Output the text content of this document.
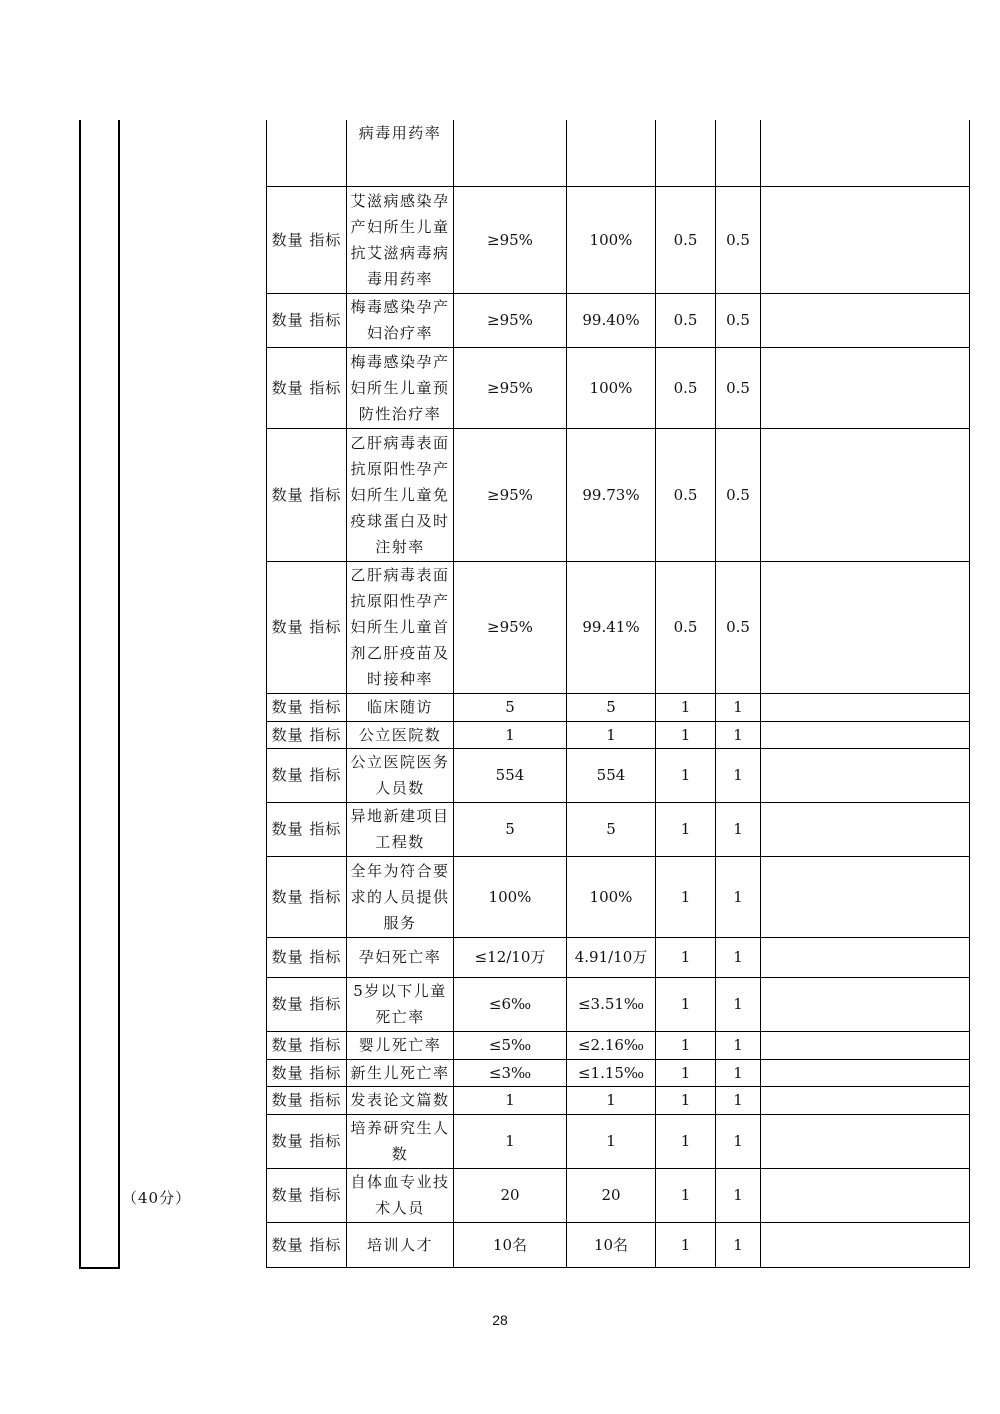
（40分）
	病毒用药率					
数量 指标	艾滋病感染孕产妇所生儿童抗艾滋病毒病毒用药率	≥95%	100%	0.5	0.5	
数量 指标	梅毒感染孕产妇治疗率	≥95%	99.40%	0.5	0.5	
数量 指标	梅毒感染孕产妇所生儿童预防性治疗率	≥95%	100%	0.5	0.5	
数量 指标	乙肝病毒表面抗原阳性孕产妇所生儿童免疫球蛋白及时注射率	≥95%	99.73%	0.5	0.5	
数量 指标	乙肝病毒表面抗原阳性孕产妇所生儿童首剂乙肝疫苗及时接种率	≥95%	99.41%	0.5	0.5	
数量 指标	临床随访	5	5	1	1	
数量 指标	公立医院数	1	1	1	1	
数量 指标	公立医院医务人员数	554	554	1	1	
数量 指标	异地新建项目工程数	5	5	1	1	
数量 指标	全年为符合要求的人员提供服务	100%	100%	1	1	
数量 指标	孕妇死亡率	≤12/10万	4.91/10万	1	1	
数量 指标	5岁以下儿童死亡率	≤6‰	≤3.51‰	1	1	
数量 指标	婴儿死亡率	≤5‰	≤2.16‰	1	1	
数量 指标	新生儿死亡率	≤3‰	≤1.15‰	1	1	
数量 指标	发表论文篇数	1	1	1	1	
数量 指标	培养研究生人数	1	1	1	1	
数量 指标	自体血专业技术人员	20	20	1	1	
数量 指标	培训人才	10名	10名	1	1	
28
